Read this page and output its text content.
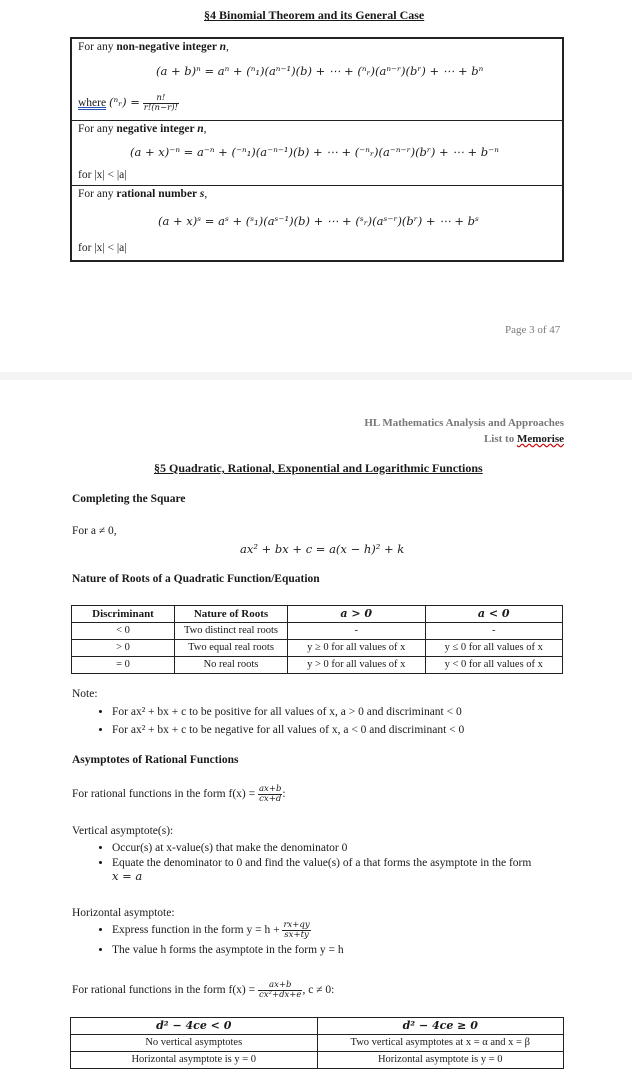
§4 Binomial Theorem and its General Case
For any non-negative integer n,
(a + b)ⁿ = aⁿ + (ⁿ₁)(aⁿ⁻¹)(b) + ⋯ + (ⁿᵣ)(aⁿ⁻ʳ)(bʳ) + ⋯ + bⁿ
where (ⁿᵣ) = $\frac{n!}{r!(n-r)!}$
For any negative integer n,
(a + x)⁻ⁿ = a⁻ⁿ + (⁻ⁿ₁)(a⁻ⁿ⁻¹)(b) + ⋯ + (⁻ⁿᵣ)(a⁻ⁿ⁻ʳ)(bʳ) + ⋯ + b⁻ⁿ
for |x| < |a|
For any rational number s,
(a + x)ˢ = aˢ + (ˢ₁)(aˢ⁻¹)(b) + ⋯ + (ˢᵣ)(aˢ⁻ʳ)(bʳ) + ⋯ + bˢ
for |x| < |a|
Page 3 of 47
HL Mathematics Analysis and Approaches
List to Memorise
§5 Quadratic, Rational, Exponential and Logarithmic Functions
Completing the Square
For a ≠ 0,
ax² + bx + c = a(x − h)² + k
Nature of Roots of a Quadratic Function/Equation
Discriminant	Nature of Roots	a > 0	a < 0
< 0	Two distinct real roots	-	-
> 0	Two equal real roots	y ≥ 0 for all values of x	y ≤ 0 for all values of x
= 0	No real roots	y > 0 for all values of x	y < 0 for all values of x
Note:
• For ax² + bx + c to be positive for all values of x, a > 0 and discriminant < 0
• For ax² + bx + c to be negative for all values of x, a < 0 and discriminant < 0
Asymptotes of Rational Functions
For rational functions in the form $f(x) = \frac{ax+b}{cx+d}$ :
Vertical asymptote(s):
• Occur(s) at x-value(s) that make the denominator 0
• Equate the denominator to 0 and find the value(s) of a that forms the asymptote in the form
x = a
Horizontal asymptote:
• Express function in the form $y = h + \frac{rx+qy}{sx+ty}$
• The value h forms the asymptote in the form y = h
For rational functions in the form $f(x) = \frac{ax+b}{\text{cx²+dx+e}}$ , c ≠ 0:
d² − 4ce < 0	d² − 4ce ≥ 0
No vertical asymptotes	Two vertical asymptotes at x = α and x = β
Horizontal asymptote is y = 0	Horizontal asymptote is y = 0
